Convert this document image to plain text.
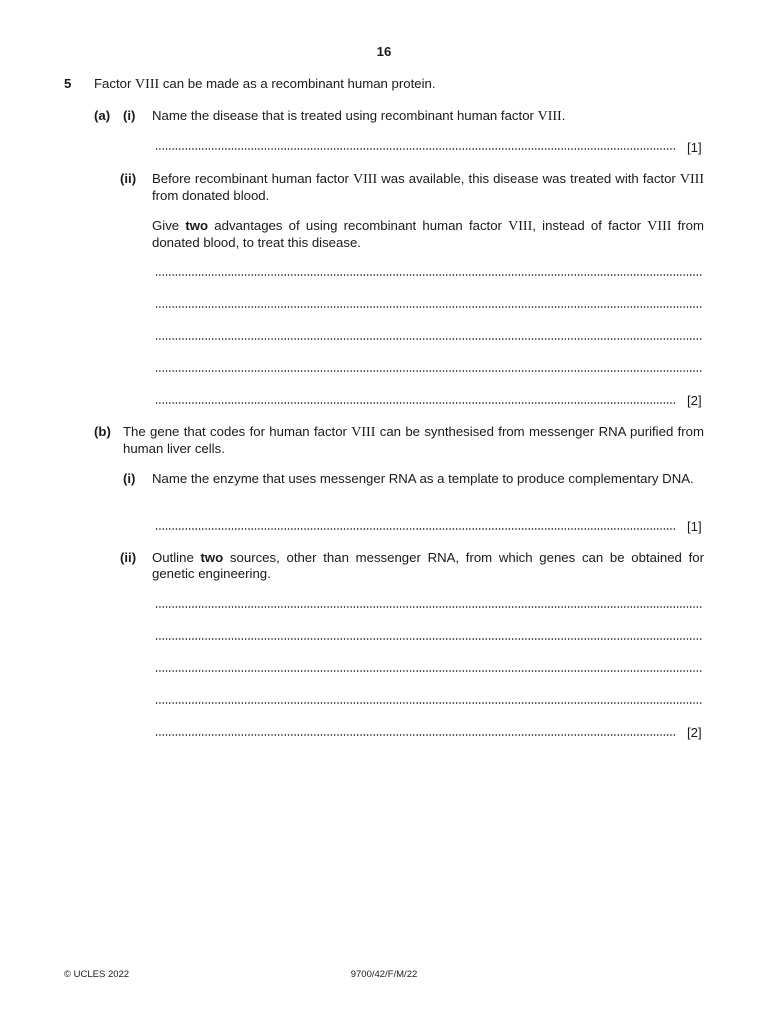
16
5 Factor VIII can be made as a recombinant human protein.
(a) (i) Name the disease that is treated using recombinant human factor VIII.
[1]
(ii) Before recombinant human factor VIII was available, this disease was treated with factor VIII from donated blood.
Give two advantages of using recombinant human factor VIII, instead of factor VIII from donated blood, to treat this disease.
[2]
(b) The gene that codes for human factor VIII can be synthesised from messenger RNA purified from human liver cells.
(i) Name the enzyme that uses messenger RNA as a template to produce complementary DNA.
[1]
(ii) Outline two sources, other than messenger RNA, from which genes can be obtained for genetic engineering.
[2]
© UCLES 2022	9700/42/F/M/22
